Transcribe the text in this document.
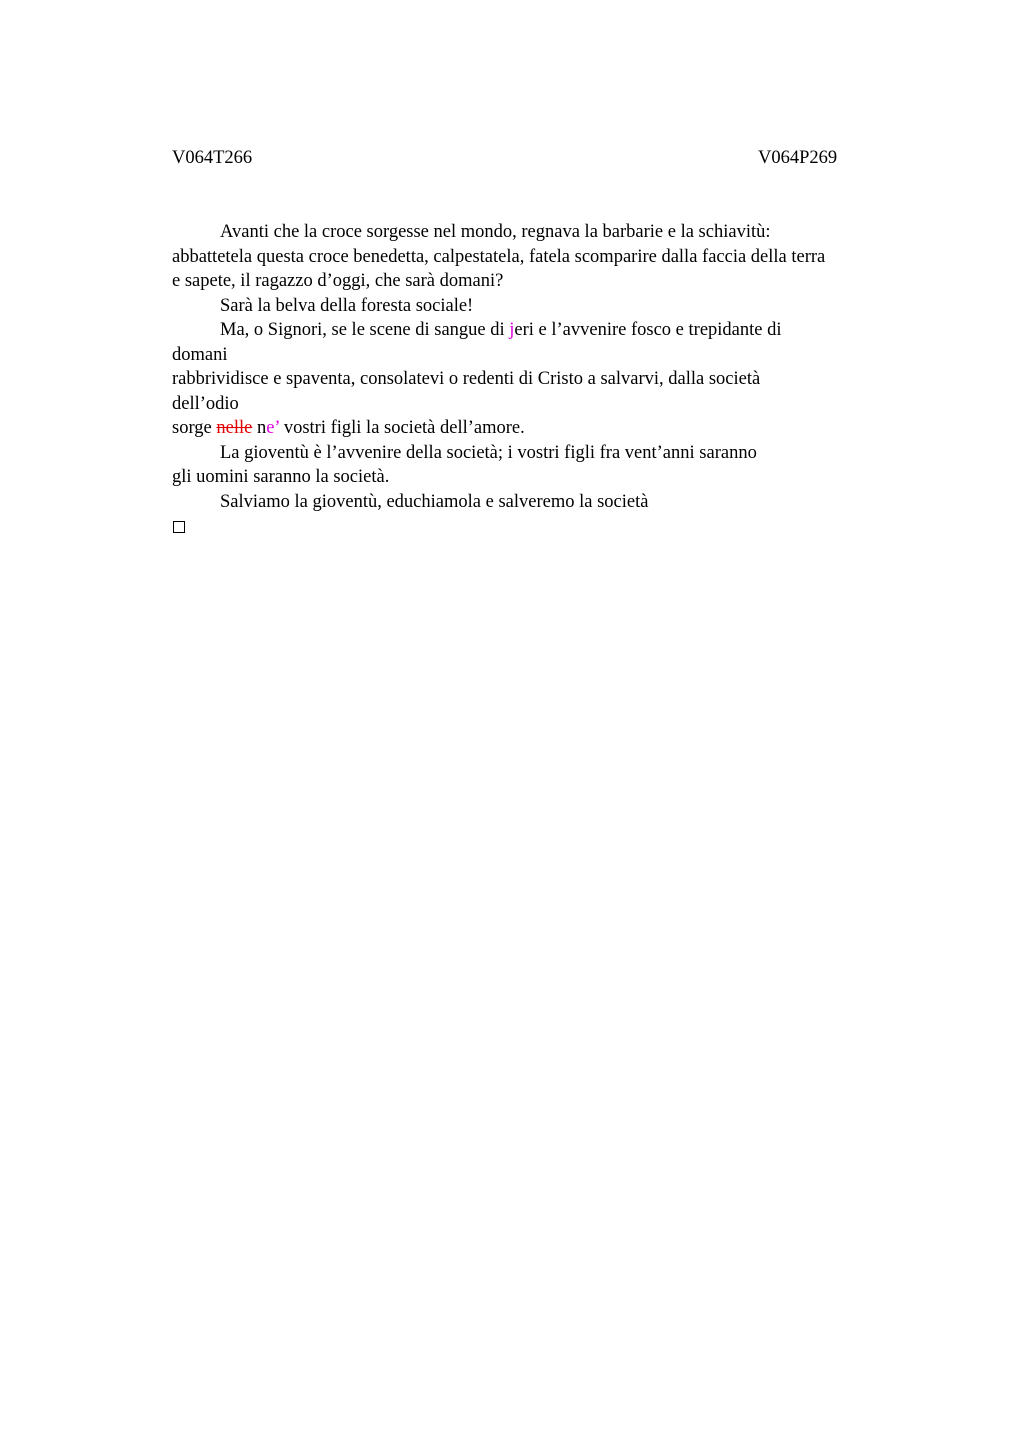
V064T266	V064P269
Avanti che la croce sorgesse nel mondo, regnava la barbarie e la schiavitù:
abbattetela questa croce benedetta, calpestatela, fatela scomparire dalla faccia della terra
e sapete, il ragazzo d’oggi, che sarà domani?
Sarà la belva della foresta sociale!
Ma, o Signori, se le scene di sangue di jeri e l’avvenire fosco e trepidante di
domani
rabbrividisce e spaventa, consolatevi o redenti di Cristo a salvarvi, dalla società
dell’odio
sorge nelle ne’ vostri figli la società dell’amore.
La gioventù è l’avvenire della società; i vostri figli fra vent’anni saranno
gli uomini saranno la società.
Salviamo la gioventù, educhiamola e salveremo la società
